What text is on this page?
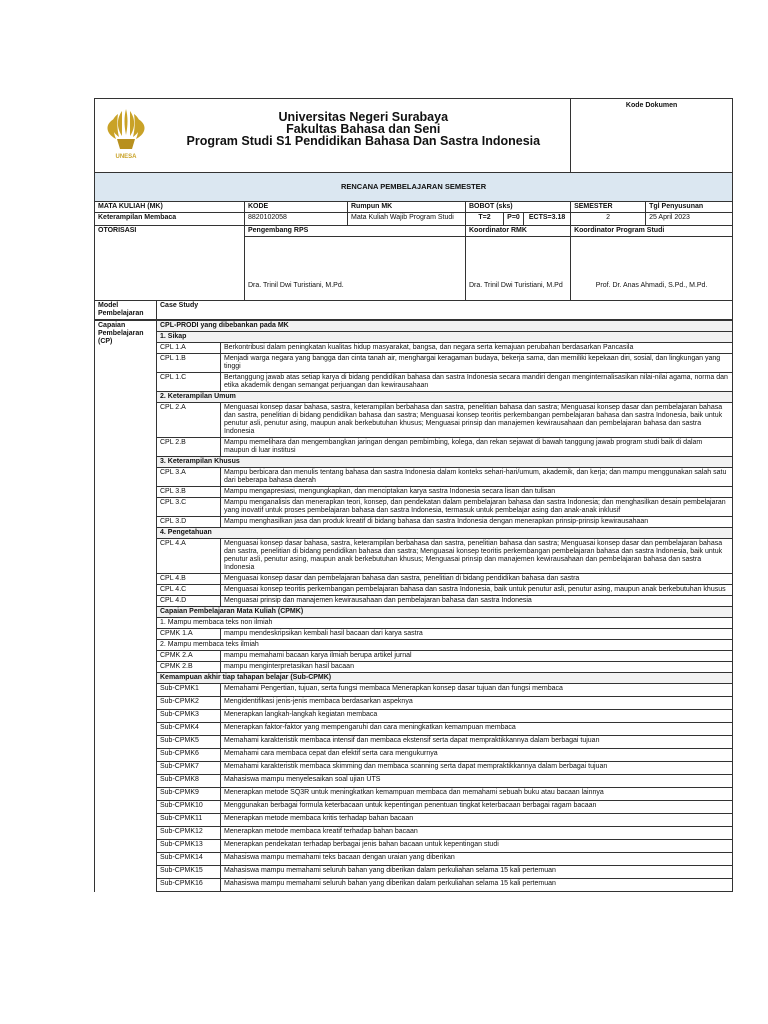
UNESA	Universitas Negeri Surabaya
Fakultas Bahasa dan Seni
Program Studi S1 Pendidikan Bahasa Dan Sastra Indonesia						Kode Dokumen	
RENCANA PEMBELAJARAN SEMESTER								
MATA KULIAH (MK)		KODE	Rumpun MK	BOBOT (sks)			SEMESTER	Tgl Penyusunan
Keterampilan Membaca		8820102058	Mata Kuliah Wajib Program Studi	T=2	P=0	ECTS=3.18	2	25 April 2023
OTORISASI		Pengembang RPS		Koordinator RMK			Koordinator Program Studi	
		Dra. Trinil Dwi Turistiani, M.Pd.		Dra. Trinil Dwi Turistiani, M.Pd			Prof. Dr. Anas Ahmadi, S.Pd., M.Pd.	
Model Pembelajaran	Case Study							
Capaian Pembelajaran (CP)	CPL-PRODI yang dibebankan pada MK	
	1. Sikap	
	CPL 1.A	Berkontribusi dalam peningkatan kualitas hidup masyarakat, bangsa, dan negara serta kemajuan perubahan berdasarkan Pancasila
	CPL 1.B	Menjadi warga negara yang bangga dan cinta tanah air, menghargai keragaman budaya, bekerja sama, dan memiliki kepekaan diri, sosial, dan lingkungan yang tinggi
	CPL 1.C	Bertanggung jawab atas setiap karya di bidang pendidikan bahasa dan sastra Indonesia secara mandiri dengan menginternalisasikan nilai-nilai agama, norma dan etika akademik dengan semangat perjuangan dan kewirausahaan
	2. Keterampilan Umum	
	CPL 2.A	Menguasai konsep dasar bahasa, sastra, keterampilan berbahasa dan sastra, penelitian bahasa dan sastra; Menguasai konsep dasar dan pembelajaran bahasa dan sastra, penelitian di bidang pendidikan bahasa dan sastra; Menguasai konsep teoritis perkembangan pembelajaran bahasa dan sastra Indonesia, baik untuk penutur asli, penutur asing, maupun anak berkebutuhan khusus; Menguasai prinsip dan manajemen kewirausahaan dan pembelajaran bahasa dan sastra Indonesia
	CPL 2.B	Mampu memelihara dan mengembangkan jaringan dengan pembimbing, kolega, dan rekan sejawat di bawah tanggung jawab program studi baik di dalam maupun di luar institusi
	3. Keterampilan Khusus	
	CPL 3.A	Mampu berbicara dan menulis tentang bahasa dan sastra Indonesia dalam konteks sehari-hari/umum, akademik, dan kerja; dan mampu menggunakan salah satu dari beberapa bahasa daerah
	CPL 3.B	Mampu mengapresiasi, mengungkapkan, dan menciptakan karya sastra Indonesia secara lisan dan tulisan
	CPL 3.C	Mampu menganalisis dan menerapkan teori, konsep, dan pendekatan dalam pembelajaran bahasa dan sastra Indonesia; dan menghasilkan desain pembelajaran yang inovatif untuk proses pembelajaran bahasa dan sastra Indonesia, termasuk untuk pembelajar asing dan anak-anak inklusif
	CPL 3.D	Mampu menghasilkan jasa dan produk kreatif di bidang bahasa dan sastra Indonesia dengan menerapkan prinsip-prinsip kewirausahaan
	4. Pengetahuan	
	CPL 4.A	Menguasai konsep dasar bahasa, sastra, keterampilan berbahasa dan sastra, penelitian bahasa dan sastra; Menguasai konsep dasar dan pembelajaran bahasa dan sastra, penelitian di bidang pendidikan bahasa dan sastra; Menguasai konsep teoritis perkembangan pembelajaran bahasa dan sastra Indonesia, baik untuk penutur asli, penutur asing, maupun anak berkebutuhan khusus; Menguasai prinsip dan manajemen kewirausahaan dan pembelajaran bahasa dan sastra Indonesia
	CPL 4.B	Menguasai konsep dasar dan pembelajaran bahasa dan sastra, penelitian di bidang pendidikan bahasa dan sastra
	CPL 4.C	Menguasai konsep teoritis perkembangan pembelajaran bahasa dan sastra Indonesia, baik untuk penutur asli, penutur asing, maupun anak berkebutuhan khusus
	CPL 4.D	Menguasai prinsip dan manajemen kewirausahaan dan pembelajaran bahasa dan sastra Indonesia
	Capaian Pembelajaran Mata Kuliah (CPMK)	
	1. Mampu membaca teks non ilmiah	
	CPMK 1.A	mampu mendeskripsikan kembali hasil bacaan dari karya sastra
	2. Mampu membaca teks ilmiah	
	CPMK 2.A	mampu memahami bacaan karya ilmiah berupa artikel jurnal
	CPMK 2.B	mampu menginterpretasikan hasil bacaan
	Kemampuan akhir tiap tahapan belajar (Sub-CPMK)	
	Sub-CPMK1	Memahami Pengertian, tujuan, serta fungsi membaca Menerapkan konsep dasar tujuan dan fungsi membaca
	Sub-CPMK2	Mengidentifikasi jenis-jenis membaca berdasarkan aspeknya
	Sub-CPMK3	Menerapkan langkah-langkah kegiatan membaca
	Sub-CPMK4	Menerapkan faktor-faktor yang mempengaruhi dan cara meningkatkan kemampuan membaca
	Sub-CPMK5	Memahami karakteristik membaca intensif dan membaca ekstensif serta dapat mempraktikkannya dalam berbagai tujuan
	Sub-CPMK6	Memahami cara membaca cepat dan efektif serta cara mengukurnya
	Sub-CPMK7	Memahami karakteristik membaca skimming dan membaca scanning serta dapat mempraktikkannya dalam berbagai tujuan
	Sub-CPMK8	Mahasiswa mampu menyelesaikan soal ujian UTS
	Sub-CPMK9	Menerapkan metode SQ3R untuk meningkatkan kemampuan membaca dan memahami sebuah buku atau bacaan lainnya
	Sub-CPMK10	Menggunakan berbagai formula keterbacaan untuk kepentingan penentuan tingkat keterbacaan berbagai ragam bacaan
	Sub-CPMK11	Menerapkan metode membaca kritis terhadap bahan bacaan
	Sub-CPMK12	Menerapkan metode membaca kreatif terhadap bahan bacaan
	Sub-CPMK13	Menerapkan pendekatan terhadap berbagai jenis bahan bacaan untuk kepentingan studi
	Sub-CPMK14	Mahasiswa mampu memahami teks bacaan dengan uraian yang diberikan
	Sub-CPMK15	Mahasiswa mampu memahami seluruh bahan yang diberikan dalam perkuliahan selama 15 kali pertemuan
	Sub-CPMK16	Mahasiswa mampu memahami seluruh bahan yang diberikan dalam perkuliahan selama 15 kali pertemuan
